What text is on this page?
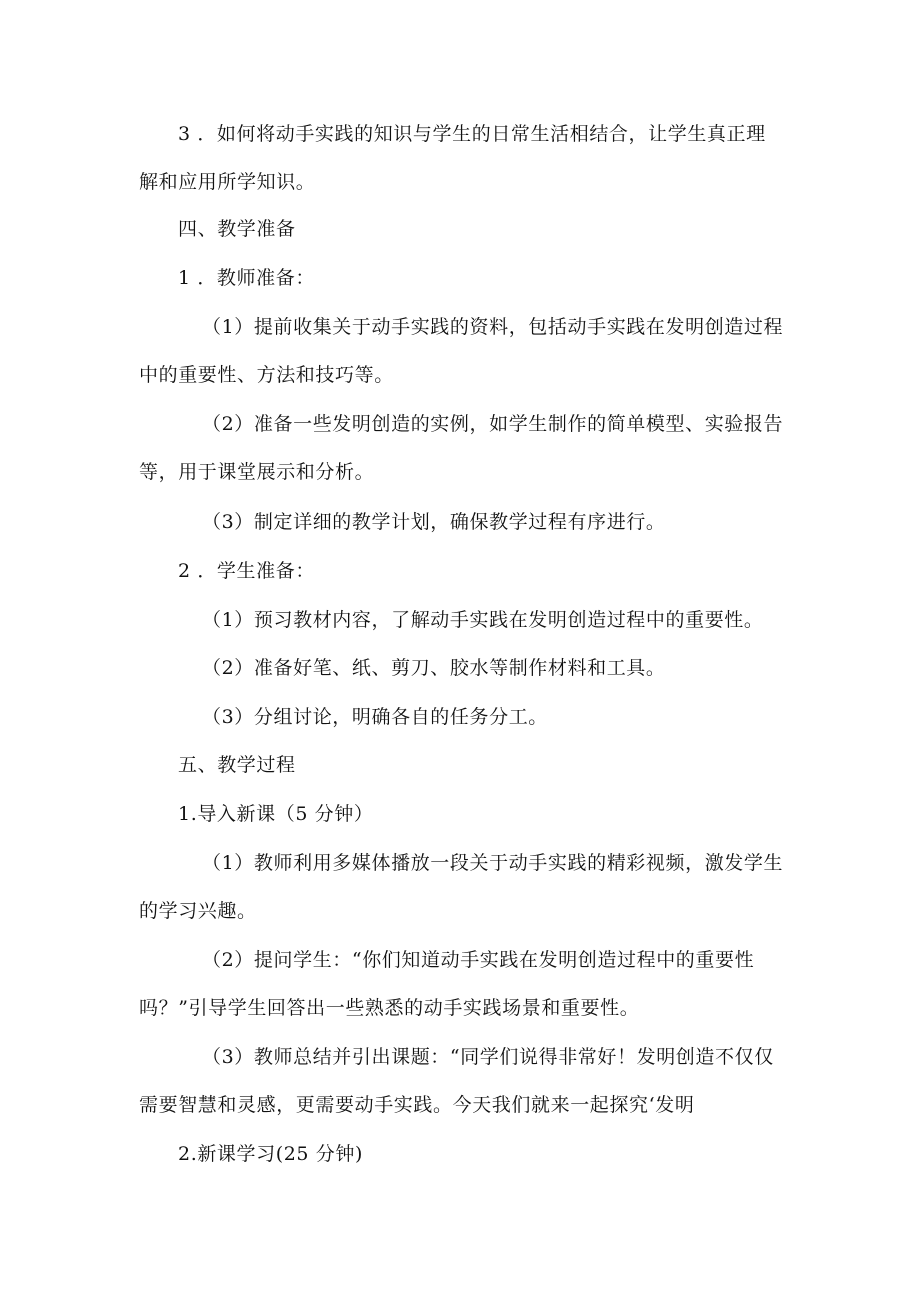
3 ．如何将动手实践的知识与学生的日常生活相结合，让学生真正理
解和应用所学知识。
四、教学准备
1 ．教师准备：
（1）提前收集关于动手实践的资料，包括动手实践在发明创造过程
中的重要性、方法和技巧等。
（2）准备一些发明创造的实例，如学生制作的简单模型、实验报告
等，用于课堂展示和分析。
（3）制定详细的教学计划，确保教学过程有序进行。
2 ．学生准备：
（1）预习教材内容，了解动手实践在发明创造过程中的重要性。
（2）准备好笔、纸、剪刀、胶水等制作材料和工具。
（3）分组讨论，明确各自的任务分工。
五、教学过程
1.导入新课（5 分钟）
（1）教师利用多媒体播放一段关于动手实践的精彩视频，激发学生
的学习兴趣。
（2）提问学生：“你们知道动手实践在发明创造过程中的重要性
吗？”引导学生回答出一些熟悉的动手实践场景和重要性。
（3）教师总结并引出课题：“同学们说得非常好！发明创造不仅仅
需要智慧和灵感，更需要动手实践。今天我们就来一起探究‘发明
2.新课学习(25 分钟)
